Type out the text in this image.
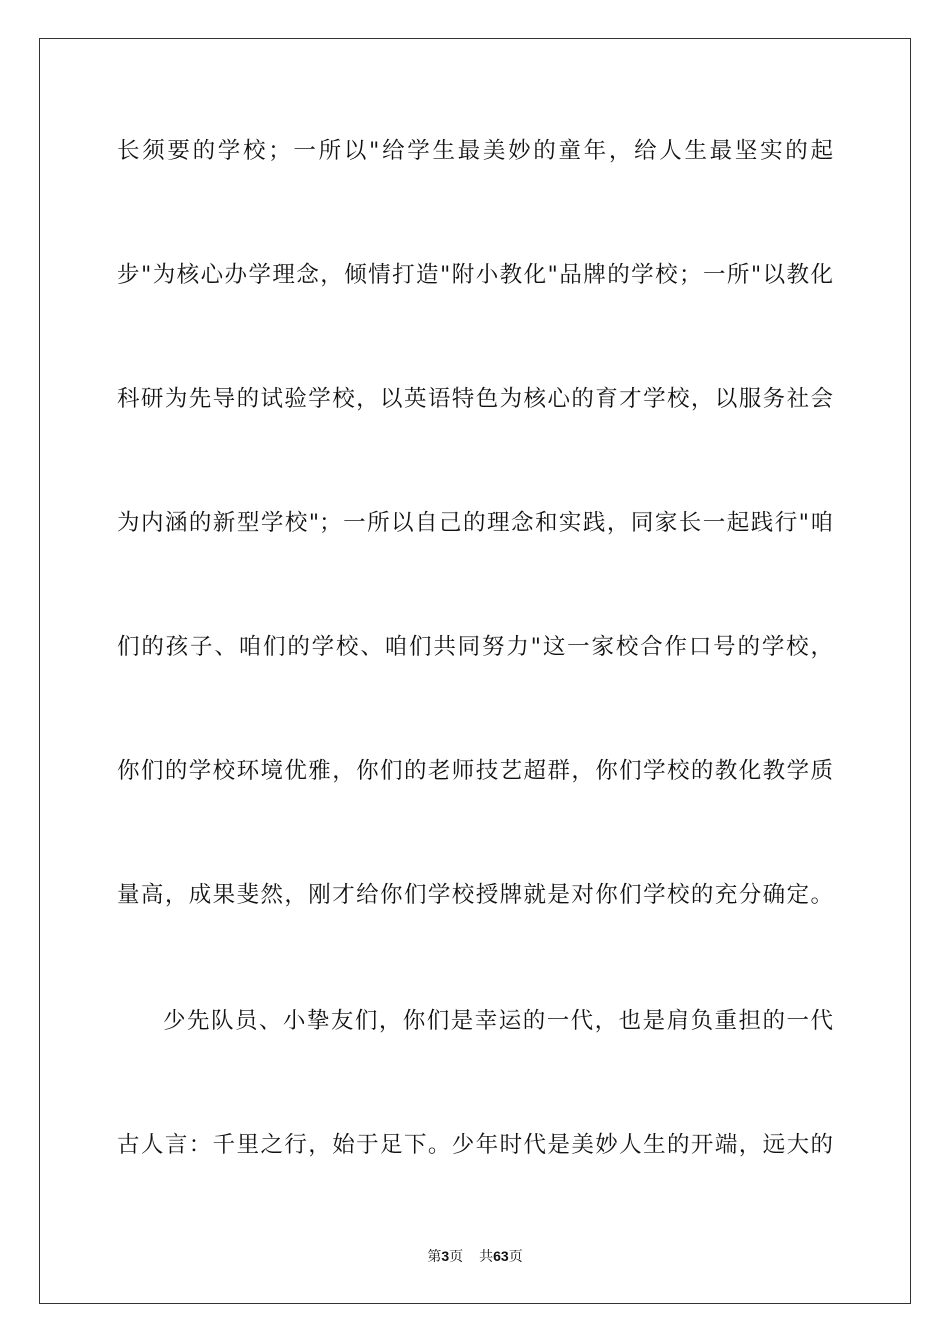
长须要的学校；一所以"给学生最美妙的童年，给人生最坚实的起
步"为核心办学理念，倾情打造"附小教化"品牌的学校；一所"以教化
科研为先导的试验学校，以英语特色为核心的育才学校，以服务社会
为内涵的新型学校"；一所以自己的理念和实践，同家长一起践行"咱
们的孩子、咱们的学校、咱们共同努力"这一家校合作口号的学校，
你们的学校环境优雅，你们的老师技艺超群，你们学校的教化教学质
量高，成果斐然，刚才给你们学校授牌就是对你们学校的充分确定。
少先队员、小挚友们，你们是幸运的一代，也是肩负重担的一代
古人言：千里之行，始于足下。少年时代是美妙人生的开端，远大的
第3页 共63页
